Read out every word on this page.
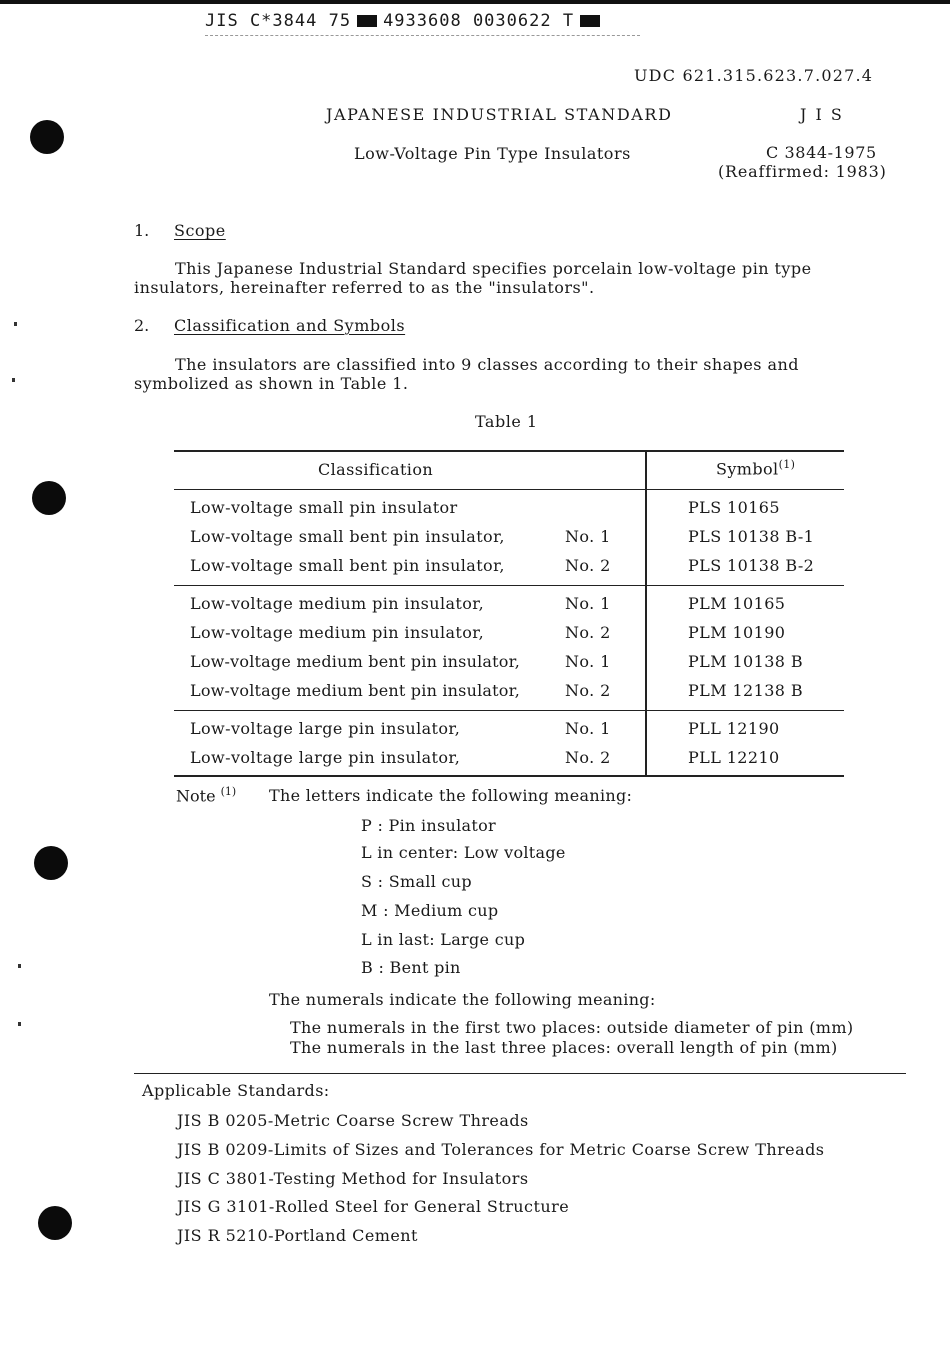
JIS C*3844 75 4933608 0030622 T
UDC 621.315.623.7.027.4
JAPANESE INDUSTRIAL STANDARD	J I S
Low-Voltage Pin Type Insulators	C 3844-1975
(Reaffirmed: 1983)
1. Scope
This Japanese Industrial Standard specifies porcelain low-voltage pin type
insulators, hereinafter referred to as the "insulators".
2. Classification and Symbols
The insulators are classified into 9 classes according to their shapes and
symbolized as shown in Table 1.
Table 1
Classification	Symbol$^{(1)}$
Low-voltage small pin insulator	PLS 10165
Low-voltage small bent pin insulator,	No. 1	PLS 10138 B-1
Low-voltage small bent pin insulator,	No. 2	PLS 10138 B-2
Low-voltage medium pin insulator,	No. 1	PLM 10165
Low-voltage medium pin insulator,	No. 2	PLM 10190
Low-voltage medium bent pin insulator,	No. 1	PLM 10138 B
Low-voltage medium bent pin insulator,	No. 2	PLM 12138 B
Low-voltage large pin insulator,	No. 1	PLL 12190
Low-voltage large pin insulator,	No. 2	PLL 12210
Note $^{(1)}$ The letters indicate the following meaning:
P : Pin insulator
L in center: Low voltage
S : Small cup
M : Medium cup
L in last: Large cup
B : Bent pin
The numerals indicate the following meaning:
The numerals in the first two places: outside diameter of pin (mm)
The numerals in the last three places: overall length of pin (mm)
Applicable Standards:
JIS B 0205-Metric Coarse Screw Threads
JIS B 0209-Limits of Sizes and Tolerances for Metric Coarse Screw Threads
JIS C 3801-Testing Method for Insulators
JIS G 3101-Rolled Steel for General Structure
JIS R 5210-Portland Cement
